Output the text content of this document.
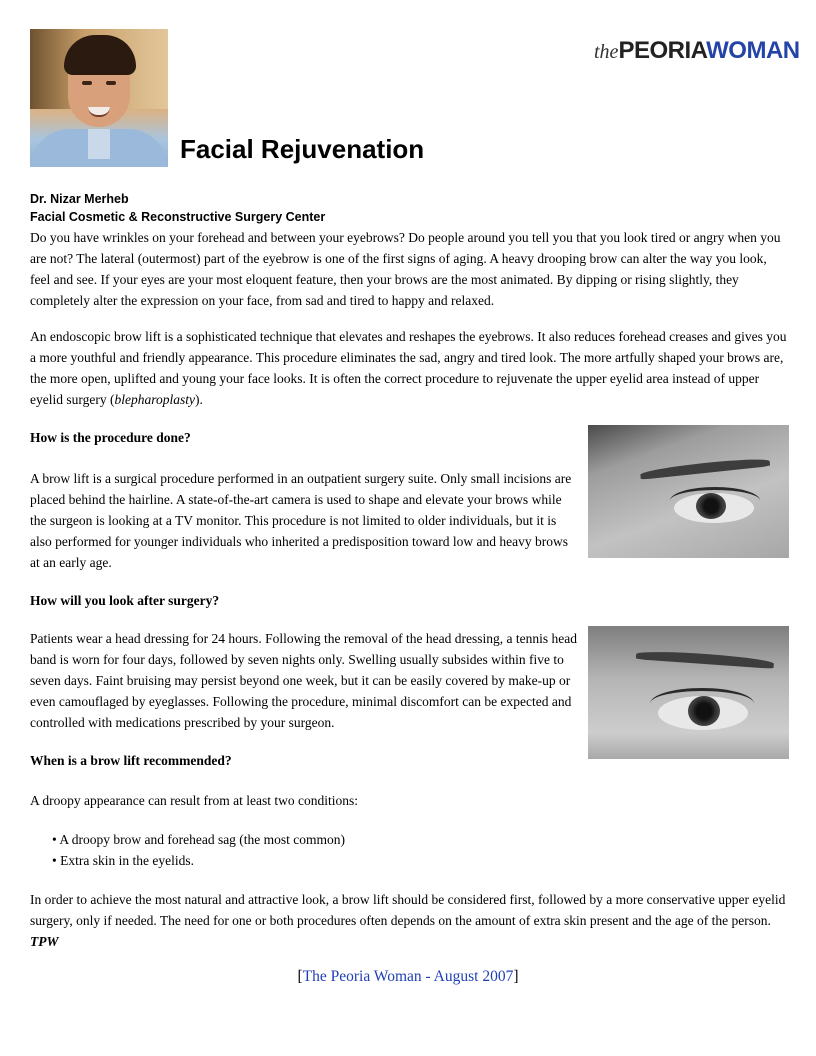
thePEORIAWOMAN
Facial Rejuvenation
Dr. Nizar Merheb
Facial Cosmetic & Reconstructive Surgery Center

Do you have wrinkles on your forehead and between your eyebrows? Do people around you tell you that you look tired or angry when you are not? The lateral (outermost) part of the eyebrow is one of the first signs of aging. A heavy drooping brow can alter the way you look, feel and see. If your eyes are your most eloquent feature, then your brows are the most animated. By dipping or rising slightly, they completely alter the expression on your face, from sad and tired to happy and relaxed.

An endoscopic brow lift is a sophisticated technique that elevates and reshapes the eyebrows. It also reduces forehead creases and gives you a more youthful and friendly appearance. This procedure eliminates the sad, angry and tired look. The more artfully shaped your brows are, the more open, uplifted and young your face looks. It is often the correct procedure to rejuvenate the upper eyelid area instead of upper eyelid surgery (blepharoplasty).

How is the procedure done?

A brow lift is a surgical procedure performed in an outpatient surgery suite. Only small incisions are placed behind the hairline. A state-of-the-art camera is used to shape and elevate your brows while the surgeon is looking at a TV monitor. This procedure is not limited to older individuals, but it is also performed for younger individuals who inherited a predisposition toward low and heavy brows at an early age.

How will you look after surgery?

Patients wear a head dressing for 24 hours. Following the removal of the head dressing, a tennis head band is worn for four days, followed by seven nights only. Swelling usually subsides within five to seven days. Faint bruising may persist beyond one week, but it can be easily covered by make-up or even camouflaged by eyeglasses. Following the procedure, minimal discomfort can be expected and controlled with medications prescribed by your surgeon.

When is a brow lift recommended?

A droopy appearance can result from at least two conditions:

• A droopy brow and forehead sag (the most common)
• Extra skin in the eyelids.

In order to achieve the most natural and attractive look, a brow lift should be considered first, followed by a more conservative upper eyelid surgery, only if needed. The need for one or both procedures often depends on the amount of extra skin present and the age of the person. TPW

[The Peoria Woman - August 2007]
